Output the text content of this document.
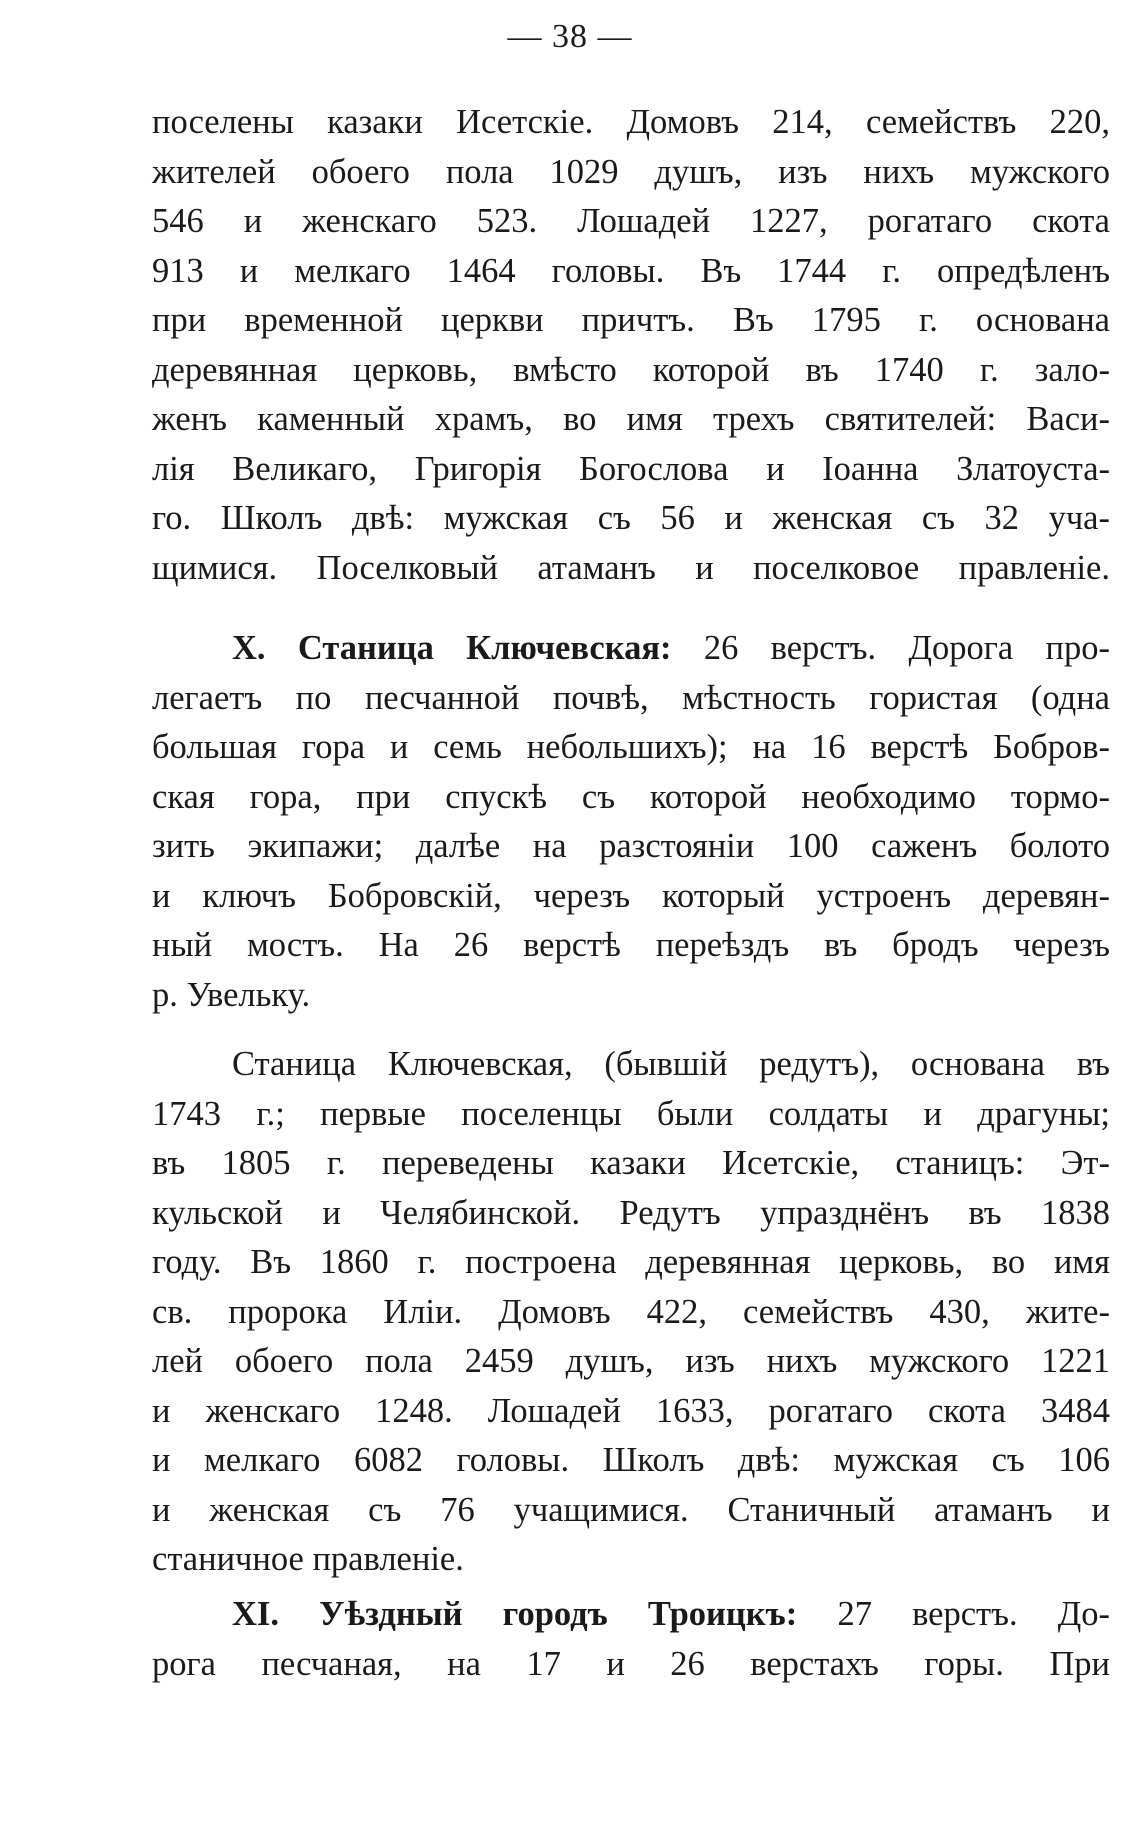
— 38 —
поселены казаки Исетскіе. Домовъ 214, семействъ 220,
жителей обоего пола 1029 душъ, изъ нихъ мужского
546 и женскаго 523. Лошадей 1227, рогатаго скота
913 и мелкаго 1464 головы. Въ 1744 г. опредѣленъ
при временной церкви причтъ. Въ 1795 г. основана
деревянная церковь, вмѣсто которой въ 1740 г. зало-
женъ каменный храмъ, во имя трехъ святителей: Васи-
лія Великаго, Григорія Богослова и Іоанна Златоуста-
го. Школъ двѣ: мужская съ 56 и женская съ 32 уча-
щимися. Поселковый атаманъ и поселковое правленіе.
X. Станица Ключевская: 26 верстъ. Дорога про-
легаетъ по песчанной почвѣ, мѣстность гористая (одна
большая гора и семь небольшихъ); на 16 верстѣ Бобров-
ская гора, при спускѣ съ которой необходимо тормо-
зить экипажи; далѣе на разстояніи 100 саженъ болото
и ключъ Бобровскій, черезъ который устроенъ деревян-
ный мостъ. На 26 верстѣ переѣздъ въ бродъ черезъ
р. Увельку.
Станица Ключевская, (бывшій редутъ), основана въ
1743 г.; первые поселенцы были солдаты и драгуны;
въ 1805 г. переведены казаки Исетскіе, станицъ: Эт-
кульской и Челябинской. Редутъ упразднёнъ въ 1838
году. Въ 1860 г. построена деревянная церковь, во имя
св. пророка Иліи. Домовъ 422, семействъ 430, жите-
лей обоего пола 2459 душъ, изъ нихъ мужского 1221
и женскаго 1248. Лошадей 1633, рогатаго скота 3484
и мелкаго 6082 головы. Школъ двѣ: мужская съ 106
и женская съ 76 учащимися. Станичный атаманъ и
станичное правленіе.
XI. Уѣздный городъ Троицкъ: 27 верстъ. До-
рога песчаная, на 17 и 26 верстахъ горы. При
